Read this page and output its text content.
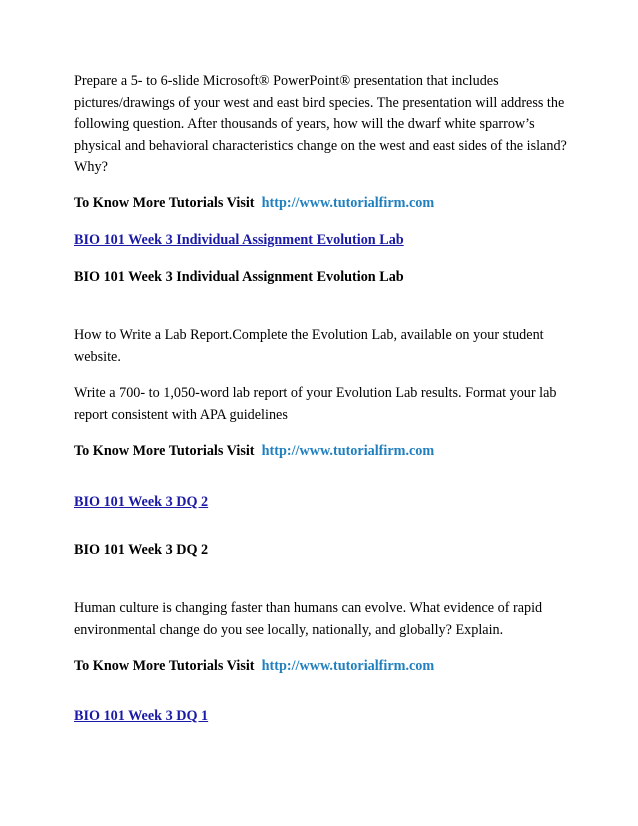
Prepare a 5- to 6-slide Microsoft® PowerPoint® presentation that includes pictures/drawings of your west and east bird species. The presentation will address the following question. After thousands of years, how will the dwarf white sparrow’s physical and behavioral characteristics change on the west and east sides of the island? Why?

To Know More Tutorials Visit http://www.tutorialfirm.com

BIO 101 Week 3 Individual Assignment Evolution Lab

BIO 101 Week 3 Individual Assignment Evolution Lab

How to Write a Lab Report.Complete the Evolution Lab, available on your student website.

Write a 700- to 1,050-word lab report of your Evolution Lab results. Format your lab report consistent with APA guidelines

To Know More Tutorials Visit http://www.tutorialfirm.com

BIO 101 Week 3 DQ 2

BIO 101 Week 3 DQ 2

Human culture is changing faster than humans can evolve. What evidence of rapid environmental change do you see locally, nationally, and globally? Explain.

To Know More Tutorials Visit http://www.tutorialfirm.com

BIO 101 Week 3 DQ 1
